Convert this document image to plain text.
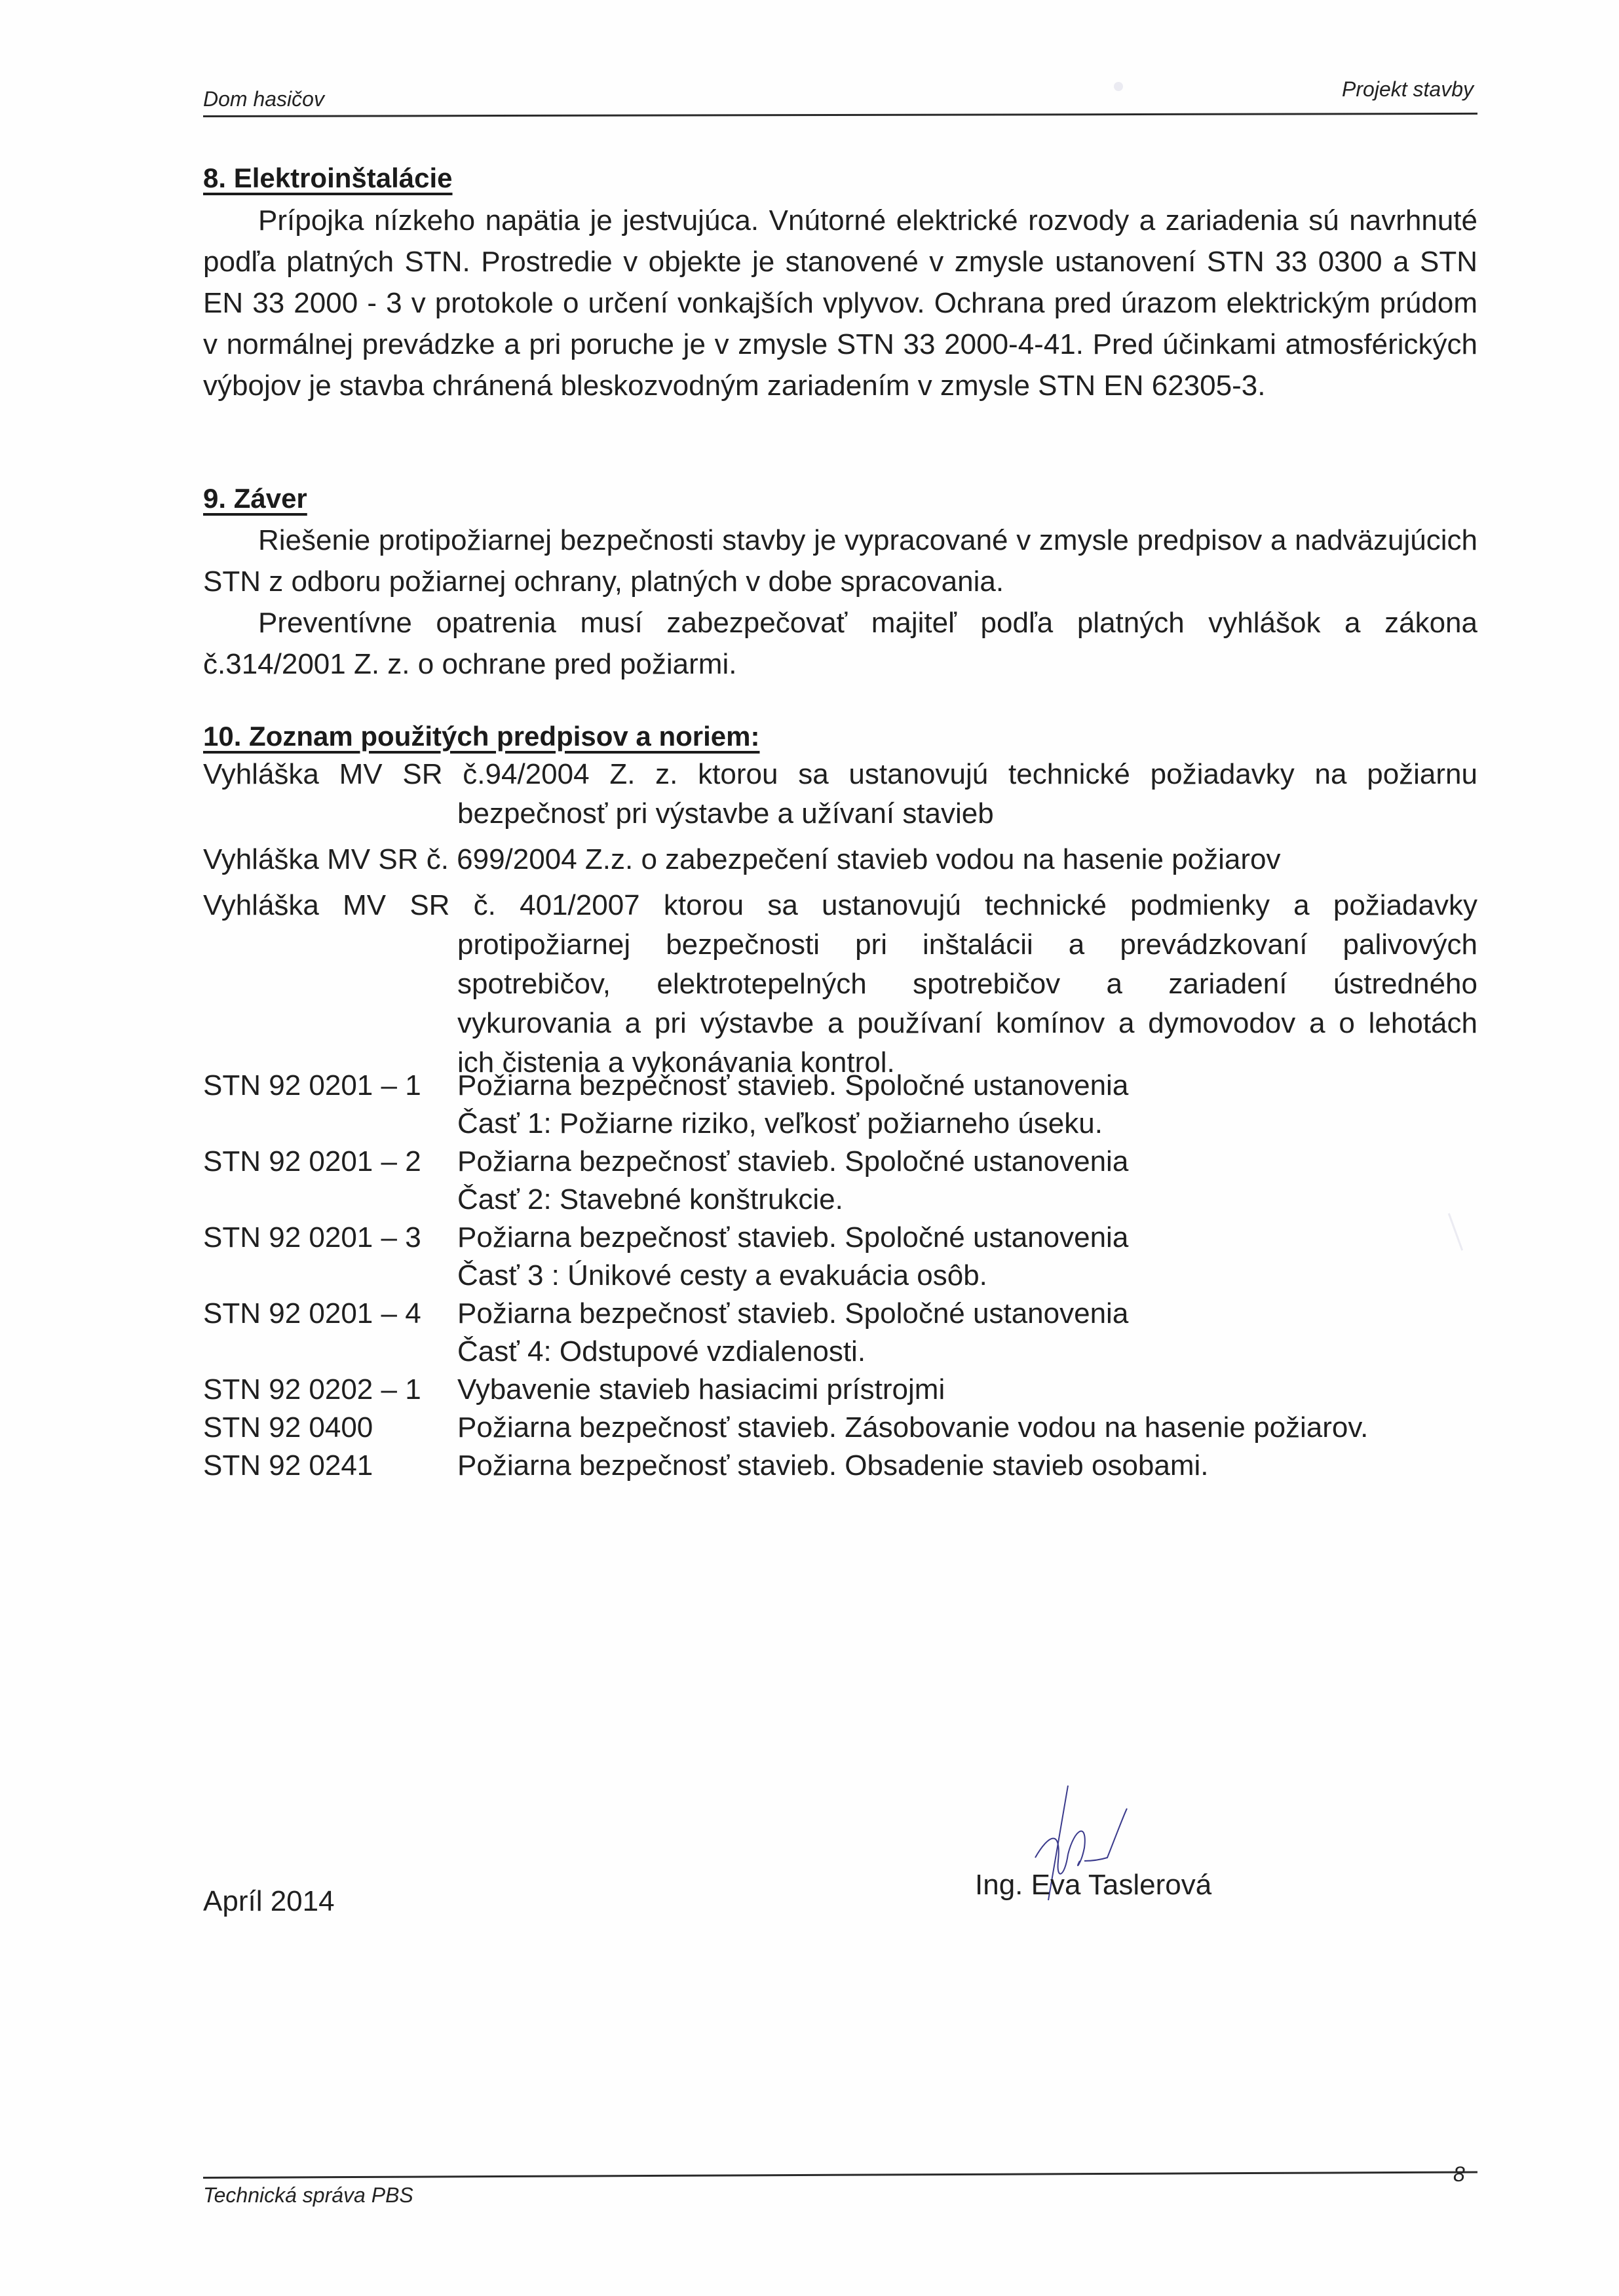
Dom hasičov	Projekt stavby
8. Elektroinštalácie

Prípojka nízkeho napätia je jestvujúca. Vnútorné elektrické rozvody a zariadenia sú navrhnuté podľa platných STN. Prostredie v objekte je stanovené v zmysle ustanovení STN 33 0300 a STN EN 33 2000 - 3 v protokole o určení vonkajších vplyvov. Ochrana pred úrazom elektrickým prúdom v normálnej prevádzke a pri poruche je v zmysle STN 33 2000-4-41. Pred účinkami atmosférických výbojov je stavba chránená bleskozvodným zariadením v zmysle STN EN 62305-3.

9. Záver

Riešenie protipožiarnej bezpečnosti stavby je vypracované v zmysle predpisov a nadväzujúcich STN z odboru požiarnej ochrany, platných v dobe spracovania.

Preventívne opatrenia musí zabezpečovať majiteľ podľa platných vyhlášok a zákona č.314/2001 Z. z. o ochrane pred požiarmi.

10. Zoznam použitých predpisov a noriem:
Vyhláška MV SR č.94/2004 Z. z. ktorou sa ustanovujú technické požiadavky na požiarnu
bezpečnosť pri výstavbe a užívaní stavieb
Vyhláška MV SR č. 699/2004 Z.z. o zabezpečení stavieb vodou na hasenie požiarov
Vyhláška MV SR č. 401/2007 ktorou sa ustanovujú technické podmienky a požiadavky
protipožiarnej bezpečnosti pri inštalácii a prevádzkovaní palivových
spotrebičov, elektrotepelných spotrebičov a zariadení ústredného
vykurovania a pri výstavbe a používaní komínov a dymovodov a o lehotách
ich čistenia a vykonávania kontrol.
STN 92 0201 – 1	Požiarna bezpečnosť stavieb. Spoločné ustanovenia
Časť 1: Požiarne riziko, veľkosť požiarneho úseku.
STN 92 0201 – 2	Požiarna bezpečnosť stavieb. Spoločné ustanovenia
Časť 2: Stavebné konštrukcie.
STN 92 0201 – 3	Požiarna bezpečnosť stavieb. Spoločné ustanovenia
Časť 3 : Únikové cesty a evakuácia osôb.
STN 92 0201 – 4	Požiarna bezpečnosť stavieb. Spoločné ustanovenia
Časť 4: Odstupové vzdialenosti.
STN 92 0202 – 1	Vybavenie stavieb hasiacimi prístrojmi
STN 92 0400	Požiarna bezpečnosť stavieb. Zásobovanie vodou na hasenie požiarov.
STN 92 0241	Požiarna bezpečnosť stavieb. Obsadenie stavieb osobami.
Apríl 2014
Ing. Eva Taslerová
Technická správa PBS
8
